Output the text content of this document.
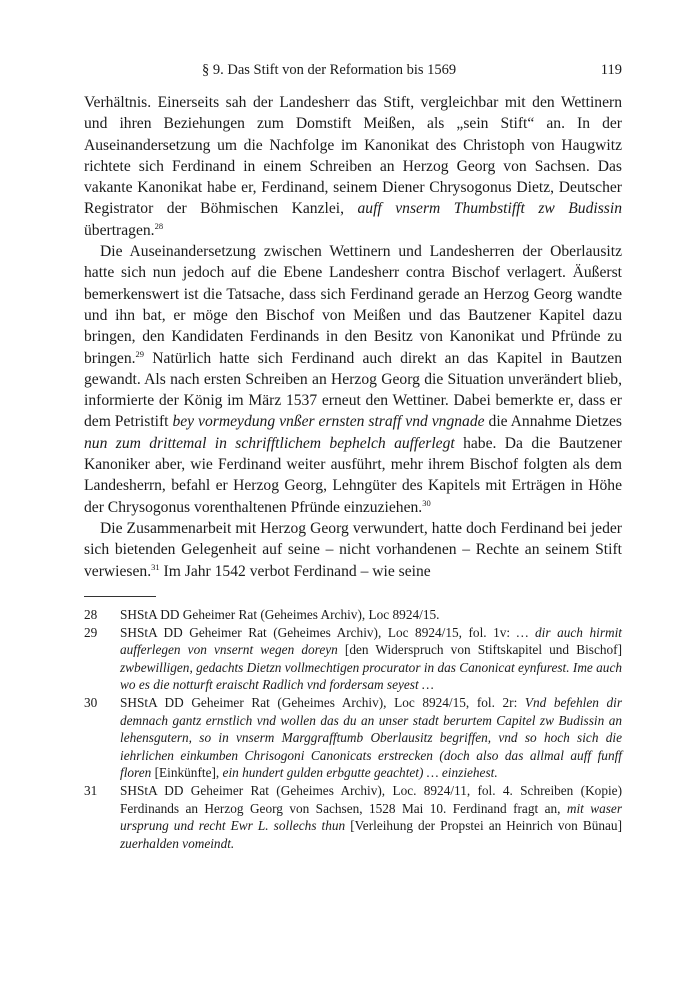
§ 9. Das Stift von der Reformation bis 1569	119

Verhältnis. Einerseits sah der Landesherr das Stift, vergleichbar mit den Wettinern und ihren Beziehungen zum Domstift Meißen, als „sein Stift“ an. In der Auseinandersetzung um die Nachfolge im Kanonikat des Christoph von Haugwitz richtete sich Ferdinand in einem Schreiben an Herzog Georg von Sachsen. Das vakante Kanonikat habe er, Ferdinand, seinem Diener Chrysogonus Dietz, Deutscher Registrator der Böhmischen Kanzlei, auff vnserm Thumbstifft zw Budissin übertragen.$^{28}$

Die Auseinandersetzung zwischen Wettinern und Landesherren der Oberlausitz hatte sich nun jedoch auf die Ebene Landesherr contra Bischof verlagert. Äußerst bemerkenswert ist die Tatsache, dass sich Ferdinand gerade an Herzog Georg wandte und ihn bat, er möge den Bischof von Meißen und das Bautzener Kapitel dazu bringen, den Kandidaten Ferdinands in den Besitz von Kanonikat und Pfründe zu bringen.$^{29}$ Natürlich hatte sich Ferdinand auch direkt an das Kapitel in Bautzen gewandt. Als nach ersten Schreiben an Herzog Georg die Situation unverändert blieb, informierte der König im März 1537 erneut den Wettiner. Dabei bemerkte er, dass er dem Petristift bey vormeydung vnßer ernsten straff vnd vngnade die Annahme Dietzes nun zum drittemal in schrifftlichem bephelch aufferlegt habe. Da die Bautzener Kanoniker aber, wie Ferdinand weiter ausführt, mehr ihrem Bischof folgten als dem Landesherrn, befahl er Herzog Georg, Lehngüter des Kapitels mit Erträgen in Höhe der Chrysogonus vorenthaltenen Pfründe einzuziehen.$^{30}$

Die Zusammenarbeit mit Herzog Georg verwundert, hatte doch Ferdinand bei jeder sich bietenden Gelegenheit auf seine – nicht vorhandenen – Rechte an seinem Stift verwiesen.$^{31}$ Im Jahr 1542 verbot Ferdinand – wie seine

28 SHStA DD Geheimer Rat (Geheimes Archiv), Loc 8924/15.
29 SHStA DD Geheimer Rat (Geheimes Archiv), Loc 8924/15, fol. 1v: … dir auch hirmit aufferlegen von vnsernt wegen doreyn [den Widerspruch von Stiftskapitel und Bischof] zwbewilligen, gedachts Dietzn vollmechtigen procurator in das Canonicat eynfurest. Ime auch wo es die notturft eraischt Radlich vnd fordersam seyest …
30 SHStA DD Geheimer Rat (Geheimes Archiv), Loc 8924/15, fol. 2r: Vnd befehlen dir demnach gantz ernstlich vnd wollen das du an unser stadt berurtem Capitel zw Budissin an lehensgutern, so in vnserm Marggrafftumb Oberlausitz begriffen, vnd so hoch sich die iehrlichen einkumben Chrisogoni Canonicats erstrecken (doch also das allmal auff funff floren [Einkünfte], ein hundert gulden erbgutte geachtet) … einziehest.
31 SHStA DD Geheimer Rat (Geheimes Archiv), Loc. 8924/11, fol. 4. Schreiben (Kopie) Ferdinands an Herzog Georg von Sachsen, 1528 Mai 10. Ferdinand fragt an, mit waser ursprung und recht Ewr L. sollechs thun [Verleihung der Propstei an Heinrich von Bünau] zuerhalden vomeindt.
